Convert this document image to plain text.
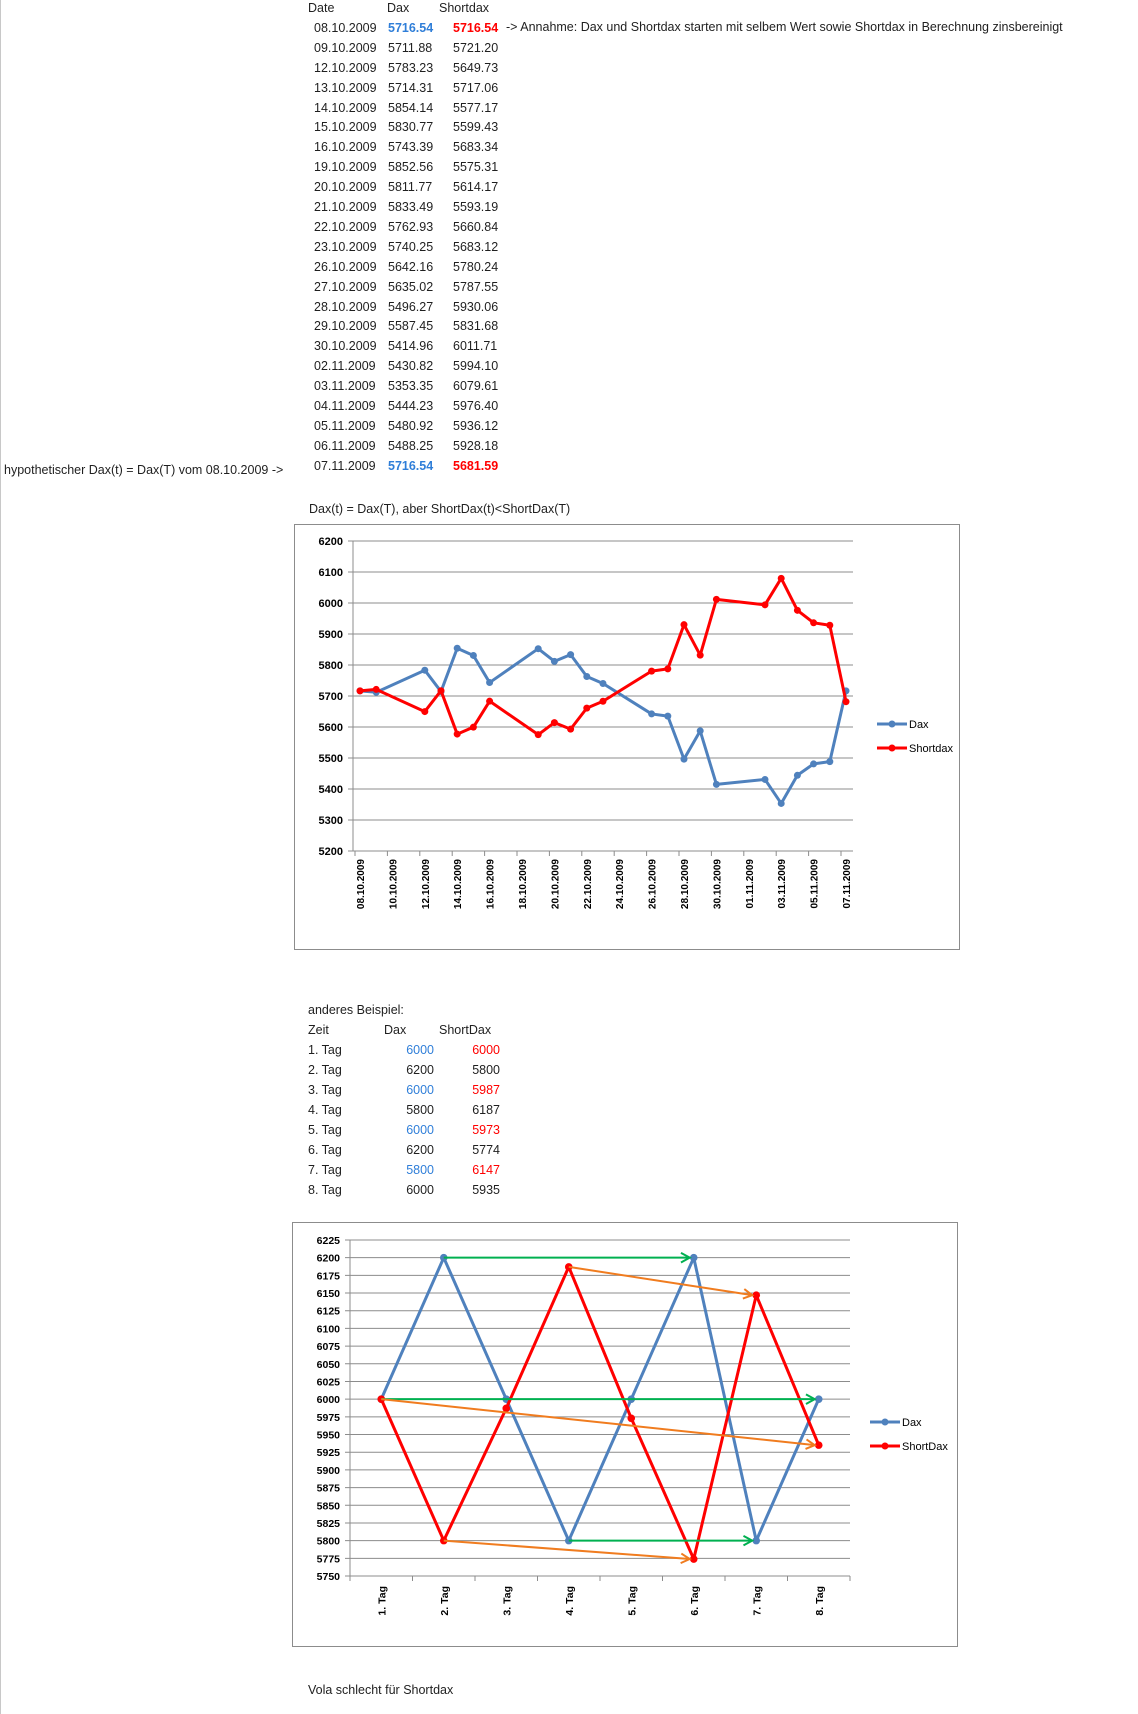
Date	Dax Shortdax
08.10.2009 5716.54 5716.54
09.10.2009 5711.88 5721.20
12.10.2009 5783.23 5649.73
13.10.2009 5714.31 5717.06
14.10.2009 5854.14 5577.17
15.10.2009 5830.77 5599.43
16.10.2009 5743.39 5683.34
19.10.2009 5852.56 5575.31
20.10.2009 5811.77 5614.17
21.10.2009 5833.49 5593.19
22.10.2009 5762.93 5660.84
23.10.2009 5740.25 5683.12
26.10.2009 5642.16 5780.24
27.10.2009 5635.02 5787.55
28.10.2009 5496.27 5930.06
29.10.2009 5587.45 5831.68
30.10.2009 5414.96 6011.71
02.11.2009 5430.82 5994.10
03.11.2009 5353.35 6079.61
04.11.2009 5444.23 5976.40
05.11.2009 5480.92 5936.12
06.11.2009 5488.25 5928.18
07.11.2009 5716.54 5681.59
-> Annahme: Dax und Shortdax starten mit selbem Wert sowie Shortdax in Berechnung zinsbereinigt
hypothetischer Dax(t) = Dax(T) vom 08.10.2009 ->
Dax(t) = Dax(T), aber ShortDax(t)<ShortDax(T)
5200
5300
5400
5500
5600
5700
5800
5900
6000
6100
6200
08.10.2009 10.10.2009 12.10.2009 14.10.2009 16.10.2009 18.10.2009 20.10.2009 22.10.2009 24.10.2009 26.10.2009 28.10.2009 30.10.2009 01.11.2009 03.11.2009 05.11.2009 07.11.2009
Dax
Shortdax
anderes Beispiel:
Zeit	Dax	ShortDax
1. Tag	6000	6000
2. Tag	6200	5800
3. Tag	6000	5987
4. Tag	5800	6187
5. Tag	6000	5973
6. Tag	6200	5774
7. Tag	5800	6147
8. Tag	6000	5935
5750
5775
5800
5825
5850
5875
5900
5925
5950
5975
6000
6025
6050
6075
6100
6125
6150
6175
6200
6225
1. Tag	2. Tag	3. Tag	4. Tag	5. Tag	6. Tag	7. Tag	8. Tag
Dax
ShortDax
Vola schlecht für Shortdax
